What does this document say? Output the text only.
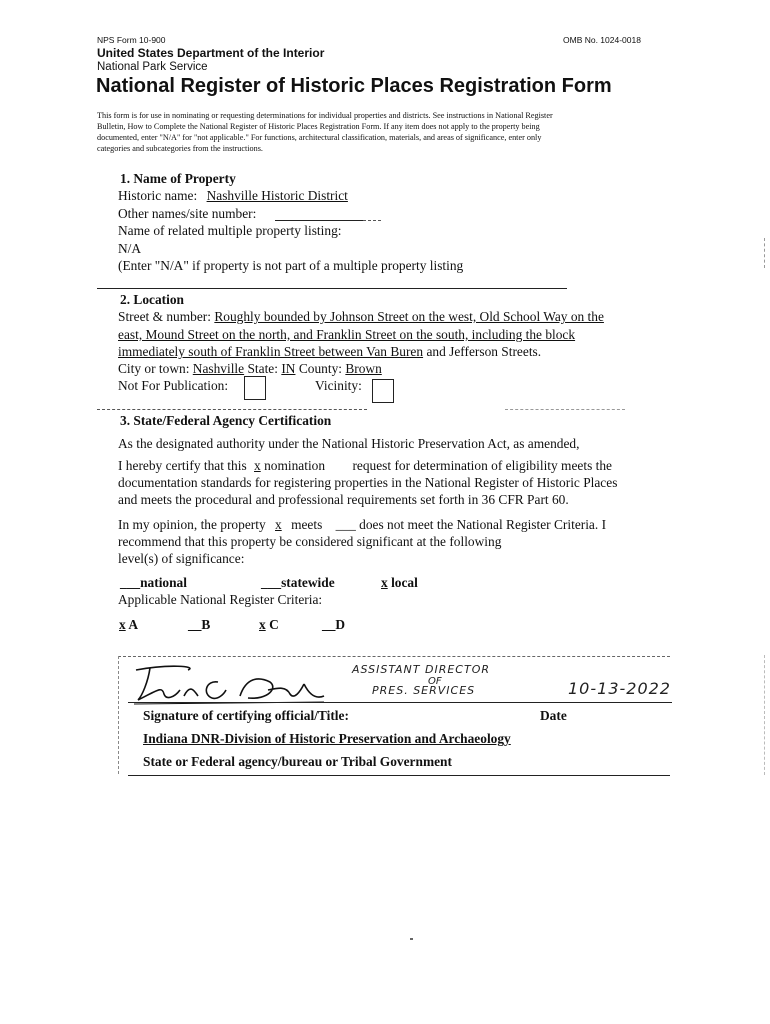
NPS Form 10-900	OMB No. 1024-0018
United States Department of the Interior
National Park Service
National Register of Historic Places Registration Form
This form is for use in nominating or requesting determinations for individual properties and districts. See instructions in National Register
Bulletin, How to Complete the National Register of Historic Places Registration Form. If any item does not apply to the property being
documented, enter "N/A" for "not applicable." For functions, architectural classification, materials, and areas of significance, enter only
categories and subcategories from the instructions.
1. Name of Property
Historic name: Nashville Historic District
Other names/site number:
Name of related multiple property listing:
N/A
(Enter "N/A" if property is not part of a multiple property listing
2. Location
Street & number: Roughly bounded by Johnson Street on the west, Old School Way on the
east, Mound Street on the north, and Franklin Street on the south, including the block
immediately south of Franklin Street between Van Buren and Jefferson Streets.
City or town: Nashville State: IN County: Brown
Not For Publication:	Vicinity:
3. State/Federal Agency Certification
As the designated authority under the National Historic Preservation Act, as amended,
I hereby certify that this x nomination request for determination of eligibility meets the
documentation standards for registering properties in the National Register of Historic Places
and meets the procedural and professional requirements set forth in 36 CFR Part 60.
In my opinion, the property x meets ___ does not meet the National Register Criteria. I
recommend that this property be considered significant at the following
level(s) of significance:
___national	___statewide	x local
Applicable National Register Criteria:
x A	__B	x C	__D
ASSISTANT DIRECTOR
OF
PRES. SERVICES	10-13-2022
Signature of certifying official/Title:	Date
Indiana DNR-Division of Historic Preservation and Archaeology
State or Federal agency/bureau or Tribal Government
